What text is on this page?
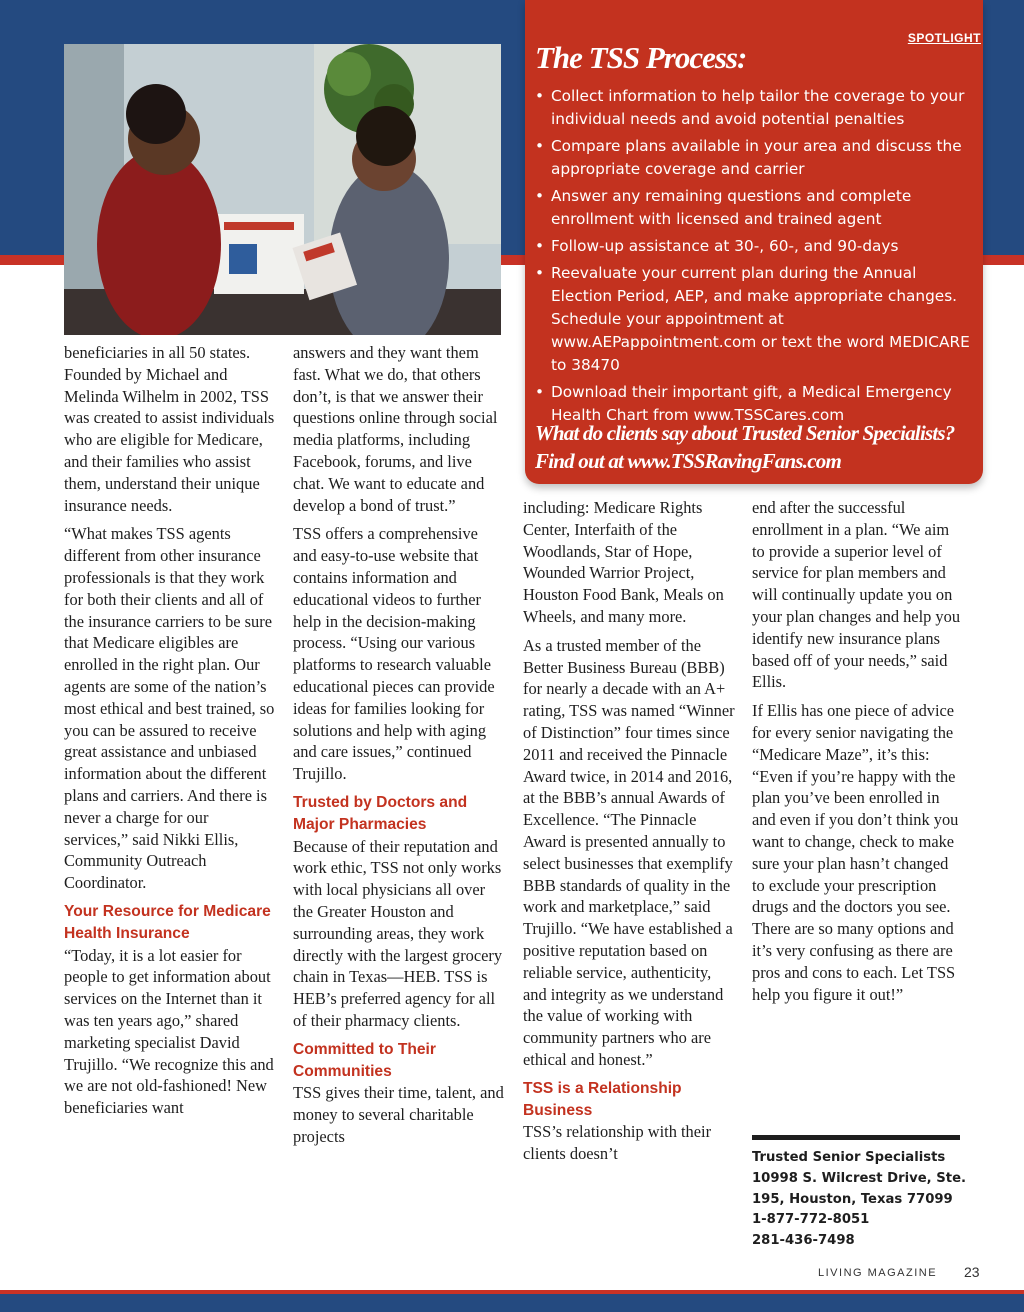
SPOTLIGHT
The TSS Process:
• Collect information to help tailor the coverage to your individual needs and avoid potential penalties
• Compare plans available in your area and discuss the appropriate coverage and carrier
• Answer any remaining questions and complete enrollment with licensed and trained agent
• Follow-up assistance at 30-, 60-, and 90-days
• Reevaluate your current plan during the Annual Election Period, AEP, and make appropriate changes. Schedule your appointment at www.AEPappointment.com or text the word MEDICARE to 38470
• Download their important gift, a Medical Emergency Health Chart from www.TSSCares.com

What do clients say about Trusted Senior Specialists? Find out at www.TSSRavingFans.com

beneficiaries in all 50 states. Founded by Michael and Melinda Wilhelm in 2002, TSS was created to assist individuals who are eligible for Medicare, and their families who assist them, understand their unique insurance needs.

“What makes TSS agents different from other insurance professionals is that they work for both their clients and all of the insurance carriers to be sure that Medicare eligibles are enrolled in the right plan. Our agents are some of the nation’s most ethical and best trained, so you can be assured to receive great assistance and unbiased information about the different plans and carriers. And there is never a charge for our services,” said Nikki Ellis, Community Outreach Coordinator.

Your Resource for Medicare Health Insurance

“Today, it is a lot easier for people to get information about services on the Internet than it was ten years ago,” shared marketing specialist David Trujillo. “We recognize this and we are not old-fashioned! New beneficiaries want

answers and they want them fast. What we do, that others don’t, is that we answer their questions online through social media platforms, including Facebook, forums, and live chat. We want to educate and develop a bond of trust.”

TSS offers a comprehensive and easy-to-use website that contains information and educational videos to further help in the decision-making process. “Using our various platforms to research valuable educational pieces can provide ideas for families looking for solutions and help with aging and care issues,” continued Trujillo.

Trusted by Doctors and Major Pharmacies

Because of their reputation and work ethic, TSS not only works with local physicians all over the Greater Houston and surrounding areas, they work directly with the largest grocery chain in Texas—HEB. TSS is HEB’s preferred agency for all of their pharmacy clients.

Committed to Their Communities

TSS gives their time, talent, and money to several charitable projects

including: Medicare Rights Center, Interfaith of the Woodlands, Star of Hope, Wounded Warrior Project, Houston Food Bank, Meals on Wheels, and many more.

As a trusted member of the Better Business Bureau (BBB) for nearly a decade with an A+ rating, TSS was named “Winner of Distinction” four times since 2011 and received the Pinnacle Award twice, in 2014 and 2016, at the BBB’s annual Awards of Excellence. “The Pinnacle Award is presented annually to select businesses that exemplify BBB standards of quality in the work and marketplace,” said Trujillo. “We have established a positive reputation based on reliable service, authenticity, and integrity as we understand the value of working with community partners who are ethical and honest.”

TSS is a Relationship Business

TSS’s relationship with their clients doesn’t

end after the successful enrollment in a plan. “We aim to provide a superior level of service for plan members and will continually update you on your plan changes and help you identify new insurance plans based off of your needs,” said Ellis.

If Ellis has one piece of advice for every senior navigating the “Medicare Maze”, it’s this: “Even if you’re happy with the plan you’ve been enrolled in and even if you don’t think you want to change, check to make sure your plan hasn’t changed to exclude your prescription drugs and the doctors you see. There are so many options and it’s very confusing as there are pros and cons to each. Let TSS help you figure it out!”

Trusted Senior Specialists
10998 S. Wilcrest Drive, Ste.
195, Houston, Texas 77099
1-877-772-8051
281-436-7498
LIVING MAGAZINE 23
